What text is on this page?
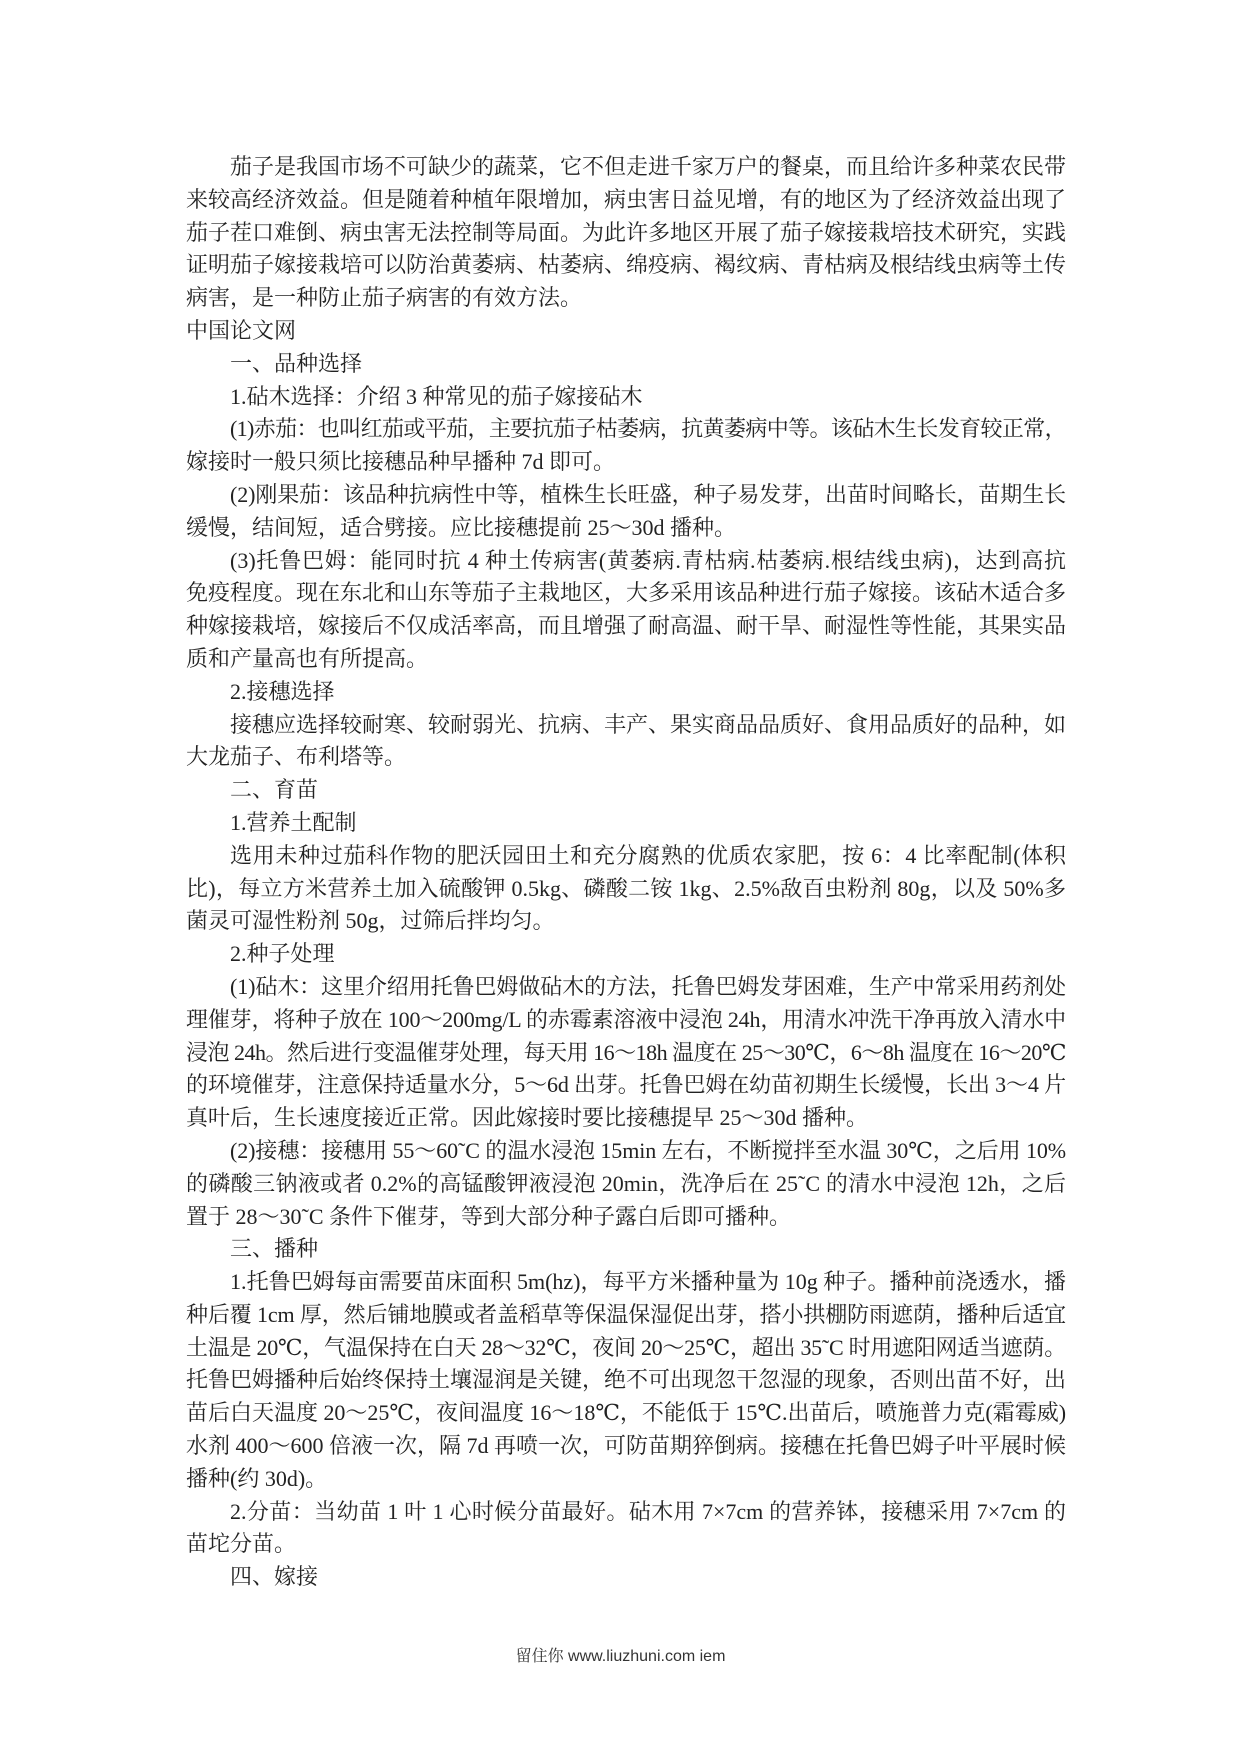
茄子是我国市场不可缺少的蔬菜，它不但走进千家万户的餐桌，而且给许多种菜农民带
来较高经济效益。但是随着种植年限增加，病虫害日益见增，有的地区为了经济效益出现了
茄子茬口难倒、病虫害无法控制等局面。为此许多地区开展了茄子嫁接栽培技术研究，实践
证明茄子嫁接栽培可以防治黄萎病、枯萎病、绵疫病、褐纹病、青枯病及根结线虫病等土传
病害，是一种防止茄子病害的有效方法。
中国论文网
一、品种选择
1.砧木选择：介绍 3 种常见的茄子嫁接砧木
(1)赤茄：也叫红茄或平茄，主要抗茄子枯萎病，抗黄萎病中等。该砧木生长发育较正常，
嫁接时一般只须比接穗品种早播种 7d 即可。
(2)刚果茄：该品种抗病性中等，植株生长旺盛，种子易发芽，出苗时间略长，苗期生长
缓慢，结间短，适合劈接。应比接穗提前 25～30d 播种。
(3)托鲁巴姆：能同时抗 4 种土传病害(黄萎病.青枯病.枯萎病.根结线虫病)，达到高抗
免疫程度。现在东北和山东等茄子主栽地区，大多采用该品种进行茄子嫁接。该砧木适合多
种嫁接栽培，嫁接后不仅成活率高，而且增强了耐高温、耐干旱、耐湿性等性能，其果实品
质和产量高也有所提高。
2.接穗选择
接穗应选择较耐寒、较耐弱光、抗病、丰产、果实商品品质好、食用品质好的品种，如
大龙茄子、布利塔等。
二、育苗
1.营养土配制
选用未种过茄科作物的肥沃园田土和充分腐熟的优质农家肥，按 6：4 比率配制(体积
比)，每立方米营养土加入硫酸钾 0.5kg、磷酸二铵 1kg、2.5%敌百虫粉剂 80g，以及 50%多
菌灵可湿性粉剂 50g，过筛后拌均匀。
2.种子处理
(1)砧木：这里介绍用托鲁巴姆做砧木的方法，托鲁巴姆发芽困难，生产中常采用药剂处
理催芽，将种子放在 100～200mg/L 的赤霉素溶液中浸泡 24h，用清水冲洗干净再放入清水中
浸泡 24h。然后进行变温催芽处理，每天用 16～18h 温度在 25～30℃，6～8h 温度在 16～20℃
的环境催芽，注意保持适量水分，5～6d 出芽。托鲁巴姆在幼苗初期生长缓慢，长出 3～4 片
真叶后，生长速度接近正常。因此嫁接时要比接穗提早 25～30d 播种。
(2)接穗：接穗用 55～60˜C 的温水浸泡 15min 左右，不断搅拌至水温 30℃，之后用 10%
的磷酸三钠液或者 0.2%的高锰酸钾液浸泡 20min，洗净后在 25˜C 的清水中浸泡 12h，之后
置于 28～30˜C 条件下催芽，等到大部分种子露白后即可播种。
三、播种
1.托鲁巴姆每亩需要苗床面积 5m(hz)，每平方米播种量为 10g 种子。播种前浇透水，播
种后覆 1cm 厚，然后铺地膜或者盖稻草等保温保湿促出芽，搭小拱棚防雨遮荫，播种后适宜
土温是 20℃，气温保持在白天 28～32℃，夜间 20～25℃，超出 35˜C 时用遮阳网适当遮荫。
托鲁巴姆播种后始终保持土壤湿润是关键，绝不可出现忽干忽湿的现象，否则出苗不好，出
苗后白天温度 20～25℃，夜间温度 16～18℃，不能低于 15℃.出苗后，喷施普力克(霜霉威)
水剂 400～600 倍液一次，隔 7d 再喷一次，可防苗期猝倒病。接穗在托鲁巴姆子叶平展时候
播种(约 30d)。
2.分苗：当幼苗 1 叶 1 心时候分苗最好。砧木用 7×7cm 的营养钵，接穗采用 7×7cm 的
苗坨分苗。
四、嫁接
留住你 www.liuzhuni.com iem
